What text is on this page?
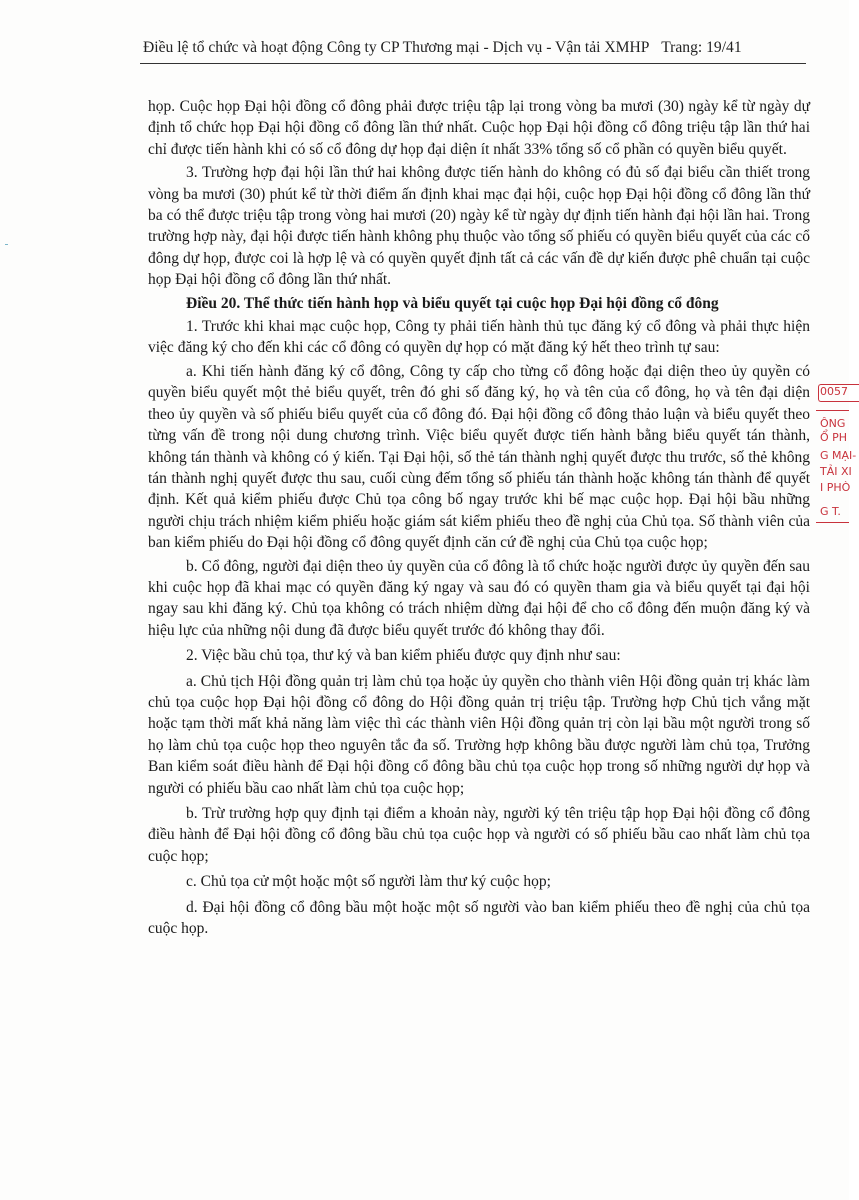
Điều lệ tổ chức và hoạt động Công ty CP Thương mại - Dịch vụ - Vận tải XMHP Trang: 19/41

họp. Cuộc họp Đại hội đồng cổ đông phải được triệu tập lại trong vòng ba mươi (30) ngày kể từ ngày dự định tổ chức họp Đại hội đồng cổ đông lần thứ nhất. Cuộc họp Đại hội đồng cổ đông triệu tập lần thứ hai chỉ được tiến hành khi có số cổ đông dự họp đại diện ít nhất 33% tổng số cổ phần có quyền biểu quyết.

3. Trường hợp đại hội lần thứ hai không được tiến hành do không có đủ số đại biểu cần thiết trong vòng ba mươi (30) phút kể từ thời điểm ấn định khai mạc đại hội, cuộc họp Đại hội đồng cổ đông lần thứ ba có thể được triệu tập trong vòng hai mươi (20) ngày kể từ ngày dự định tiến hành đại hội lần hai. Trong trường hợp này, đại hội được tiến hành không phụ thuộc vào tổng số phiếu có quyền biểu quyết của các cổ đông dự họp, được coi là hợp lệ và có quyền quyết định tất cả các vấn đề dự kiến được phê chuẩn tại cuộc họp Đại hội đồng cổ đông lần thứ nhất.

Điều 20. Thể thức tiến hành họp và biểu quyết tại cuộc họp Đại hội đồng cổ đông

1. Trước khi khai mạc cuộc họp, Công ty phải tiến hành thủ tục đăng ký cổ đông và phải thực hiện việc đăng ký cho đến khi các cổ đông có quyền dự họp có mặt đăng ký hết theo trình tự sau:

a. Khi tiến hành đăng ký cổ đông, Công ty cấp cho từng cổ đông hoặc đại diện theo ủy quyền có quyền biểu quyết một thẻ biểu quyết, trên đó ghi số đăng ký, họ và tên của cổ đông, họ và tên đại diện theo ủy quyền và số phiếu biểu quyết của cổ đông đó. Đại hội đồng cổ đông thảo luận và biểu quyết theo từng vấn đề trong nội dung chương trình. Việc biểu quyết được tiến hành bằng biểu quyết tán thành, không tán thành và không có ý kiến. Tại Đại hội, số thẻ tán thành nghị quyết được thu trước, số thẻ không tán thành nghị quyết được thu sau, cuối cùng đếm tổng số phiếu tán thành hoặc không tán thành để quyết định. Kết quả kiểm phiếu được Chủ tọa công bố ngay trước khi bế mạc cuộc họp. Đại hội bầu những người chịu trách nhiệm kiểm phiếu hoặc giám sát kiểm phiếu theo đề nghị của Chủ tọa. Số thành viên của ban kiểm phiếu do Đại hội đồng cổ đông quyết định căn cứ đề nghị của Chủ tọa cuộc họp;

b. Cổ đông, người đại diện theo ủy quyền của cổ đông là tổ chức hoặc người được ủy quyền đến sau khi cuộc họp đã khai mạc có quyền đăng ký ngay và sau đó có quyền tham gia và biểu quyết tại đại hội ngay sau khi đăng ký. Chủ tọa không có trách nhiệm dừng đại hội để cho cổ đông đến muộn đăng ký và hiệu lực của những nội dung đã được biểu quyết trước đó không thay đổi.

2. Việc bầu chủ tọa, thư ký và ban kiểm phiếu được quy định như sau:

a. Chủ tịch Hội đồng quản trị làm chủ tọa hoặc ủy quyền cho thành viên Hội đồng quản trị khác làm chủ tọa cuộc họp Đại hội đồng cổ đông do Hội đồng quản trị triệu tập. Trường hợp Chủ tịch vắng mặt hoặc tạm thời mất khả năng làm việc thì các thành viên Hội đồng quản trị còn lại bầu một người trong số họ làm chủ tọa cuộc họp theo nguyên tắc đa số. Trường hợp không bầu được người làm chủ tọa, Trưởng Ban kiểm soát điều hành để Đại hội đồng cổ đông bầu chủ tọa cuộc họp trong số những người dự họp và người có phiếu bầu cao nhất làm chủ tọa cuộc họp;

b. Trừ trường hợp quy định tại điểm a khoản này, người ký tên triệu tập họp Đại hội đồng cổ đông điều hành để Đại hội đồng cổ đông bầu chủ tọa cuộc họp và người có số phiếu bầu cao nhất làm chủ tọa cuộc họp;

c. Chủ tọa cử một hoặc một số người làm thư ký cuộc họp;

d. Đại hội đồng cổ đông bầu một hoặc một số người vào ban kiểm phiếu theo đề nghị của chủ tọa cuộc họp.

0057
ÔNG
Ổ PH
G MẠI-
TẢI XI
I PHÒ
G T.
